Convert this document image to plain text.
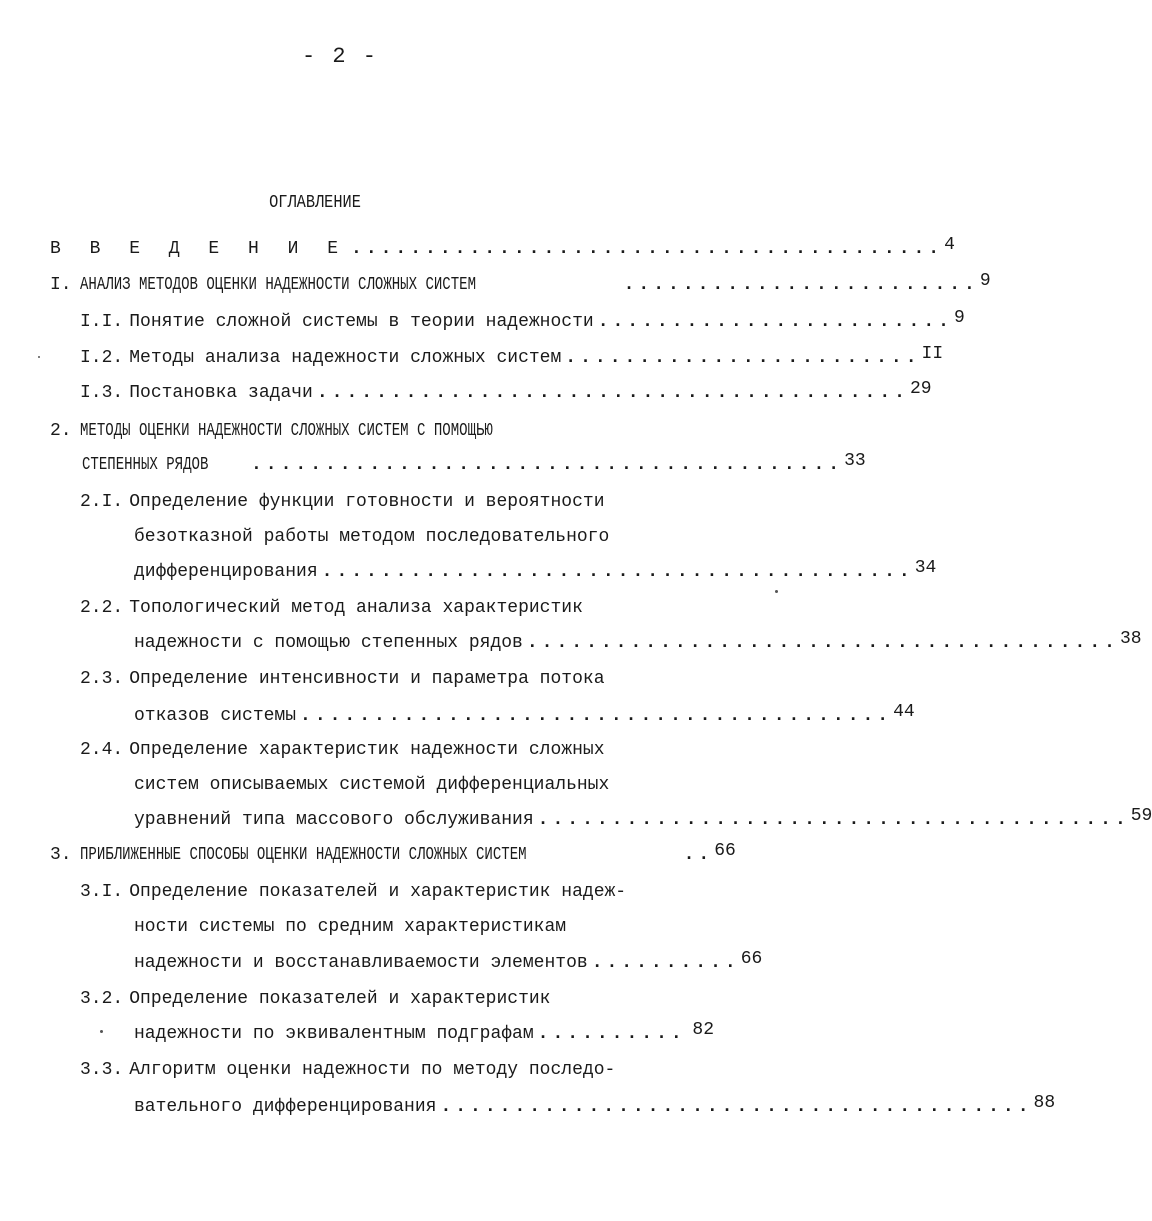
- 2 -
ОГЛАВЛЕНИЕ
В В Е Д Е Н И Е ........................................ 4
I. АНАЛИЗ МЕТОДОВ ОЦЕНКИ НАДЕЖНОСТИ СЛОЖНЫХ СИСТЕМ	........................ 9
I.I. Понятие сложной системы в теории надежности ........................ 9
I.2. Методы анализа надежности сложных систем ........................ II
I.3. Постановка задачи ........................................ 29
2. МЕТОДЫ ОЦЕНКИ НАДЕЖНОСТИ СЛОЖНЫХ СИСТЕМ С ПОМОЩЬЮ
СТЕПЕННЫХ РЯДОВ	........................................ 33
2.I. Определение функции готовности и вероятности
безотказной работы методом последовательного
дифференцирования ........................................ 34
2.2. Топологический метод анализа характеристик
надежности с помощью степенных рядов ........................................ 38
2.3. Определение интенсивности и параметра потока
отказов системы ........................................ 44
2.4. Определение характеристик надежности сложных
систем описываемых системой дифференциальных
уравнений типа массового обслуживания ........................................ 59
3. ПРИБЛИЖЕННЫЕ СПОСОБЫ ОЦЕНКИ НАДЕЖНОСТИ СЛОЖНЫХ СИСТЕМ	.. 66
3.I. Определение показателей и характеристик надеж-
ности системы по средним характеристикам
надежности и восстанавливаемости элементов .......... 66
3.2. Определение показателей и характеристик
надежности по эквивалентным подграфам .......... 82
3.3. Алгоритм оценки надежности по методу последо-
вательного дифференцирования ........................................ 88
